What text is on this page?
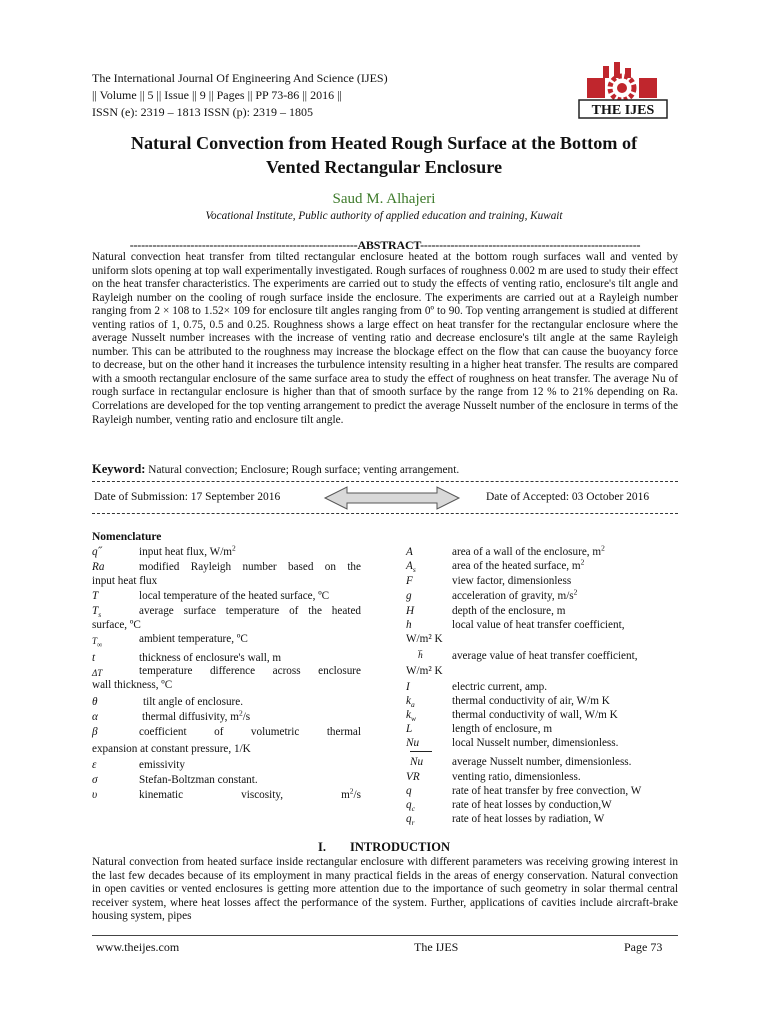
The International Journal Of Engineering And Science (IJES)
|| Volume || 5 || Issue || 9 || Pages || PP 73-86 || 2016 ||
ISSN (e): 2319 – 1813 ISSN (p): 2319 – 1805	THE IJES
Natural Convection from Heated Rough Surface at the Bottom of
Vented Rectangular Enclosure
Saud M. Alhajeri
Vocational Institute, Public authority of applied education and training, Kuwait
------------------------------------------------------------ABSTRACT----------------------------------------------------------

Natural convection heat transfer from tilted rectangular enclosure heated at the bottom rough surfaces wall and vented by uniform slots opening at top wall experimentally investigated. Rough surfaces of roughness 0.002 m are used to study their effect on the heat transfer characteristics. The experiments are carried out to study the effects of venting ratio, enclosure's tilt angle and Rayleigh number on the cooling of rough surface inside the enclosure. The experiments are carried out at a Rayleigh number ranging from 2 × 108 to 1.52× 109 for enclosure tilt angles ranging from 0º to 90. Top venting arrangement is studied at different venting ratios of 1, 0.75, 0.5 and 0.25. Roughness shows a large effect on heat transfer for the rectangular enclosure where the average Nusselt number increases with the increase of venting ratio and decrease enclosure's tilt angle at the same Rayleigh number. This can be attributed to the roughness may increase the blockage effect on the flow that can cause the buoyancy force to decrease, but on the other hand it increases the turbulence intensity resulting in a higher heat transfer. The results are compared with a smooth rectangular enclosure of the same surface area to study the effect of roughness on heat transfer. The average Nu of rough surface in rectangular enclosure is higher than that of smooth surface by the range from 12 % to 21% depending on Ra. Correlations are developed for the top venting arrangement to predict the average Nusselt number of the enclosure in terms of the Rayleigh number, venting ratio and enclosure tilt angle.

Keyword: Natural convection; Enclosure; Rough surface; venting arrangement.
Date of Submission: 17 September 2016	Date of Accepted: 03 October 2016
Nomenclature
q˝	input heat flux, $W/m^2$
Ra	modified Rayleigh number based on the
input heat flux
T	local temperature of the heated surface, ºC
$T_s$	average surface temperature of the heated
surface, ºC
$T_\infty$	ambient temperature, ºC
t	thickness of enclosure's wall, m
ΔT	temperature difference across enclosure
wall thickness, ºC
θ	tilt angle of enclosure.
α	thermal diffusivity, $m^2/s$
β	coefficient of volumetric thermal
expansion at constant pressure, 1/K
ε	emissivity
σ	Stefan-Boltzman constant.
υ	kinematic viscosity, $m^2/s$
A	area of a wall of the enclosure, $m^2$
$A_s$	area of the heated surface, $m^2$
F	view factor, dimensionless
g	acceleration of gravity, $m/s^2$
H	depth of the enclosure, m
h	local value of heat transfer coefficient,
W/m² K
h̄	average value of heat transfer coefficient,
W/m² K
I	electric current, amp.
$k_a$	thermal conductivity of air, W/m K
$k_w$	thermal conductivity of wall, W/m K
L	length of enclosure, m
Nu	local Nusselt number, dimensionless.
Nu	average Nusselt number, dimensionless.
VR	venting ratio, dimensionless.
q	rate of heat transfer by free convection, W
$q_c$	rate of heat losses by conduction,W
$q_r$	rate of heat losses by radiation, W
I. INTRODUCTION

Natural convection from heated surface inside rectangular enclosure with different parameters was receiving growing interest in the last few decades because of its employment in many practical fields in the areas of energy conservation. Natural convection in open cavities or vented enclosures is getting more attention due to the importance of such geometry in solar thermal central receiver system, where heat losses affect the performance of the system. Further, applications of cavities include aircraft-brake housing system, pipes

www.theijes.com	The IJES	Page 73
